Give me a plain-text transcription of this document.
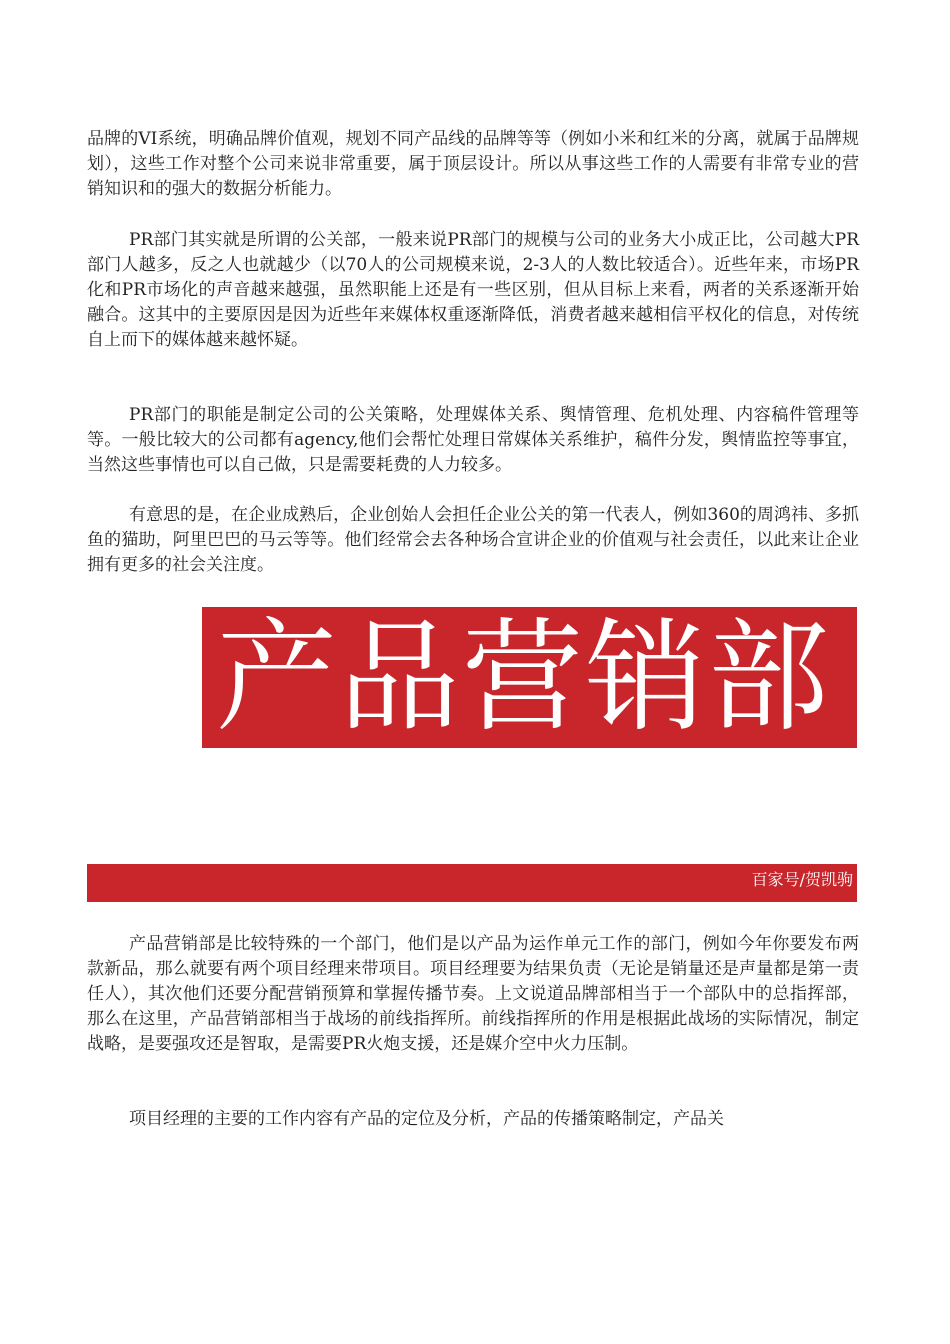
品牌的VI系统，明确品牌价值观，规划不同产品线的品牌等等（例如小米和红米的分离，就属于品牌规划），这些工作对整个公司来说非常重要，属于顶层设计。所以从事这些工作的人需要有非常专业的营销知识和的强大的数据分析能力。

PR部门其实就是所谓的公关部，一般来说PR部门的规模与公司的业务大小成正比，公司越大PR部门人越多，反之人也就越少（以70人的公司规模来说，2-3人的人数比较适合）。近些年来，市场PR化和PR市场化的声音越来越强，虽然职能上还是有一些区别，但从目标上来看，两者的关系逐渐开始融合。这其中的主要原因是因为近些年来媒体权重逐渐降低，消费者越来越相信平权化的信息，对传统自上而下的媒体越来越怀疑。

PR部门的职能是制定公司的公关策略，处理媒体关系、舆情管理、危机处理、内容稿件管理等等。一般比较大的公司都有agency,他们会帮忙处理日常媒体关系维护，稿件分发，舆情监控等事宜，当然这些事情也可以自己做，只是需要耗费的人力较多。

有意思的是，在企业成熟后，企业创始人会担任企业公关的第一代表人，例如360的周鸿祎、多抓鱼的猫助，阿里巴巴的马云等等。他们经常会去各种场合宣讲企业的价值观与社会责任，以此来让企业拥有更多的社会关注度。

产品营销部
百家号/贺凯驹

产品营销部是比较特殊的一个部门，他们是以产品为运作单元工作的部门，例如今年你要发布两款新品，那么就要有两个项目经理来带项目。项目经理要为结果负责（无论是销量还是声量都是第一责任人），其次他们还要分配营销预算和掌握传播节奏。上文说道品牌部相当于一个部队中的总指挥部，那么在这里，产品营销部相当于战场的前线指挥所。前线指挥所的作用是根据此战场的实际情况，制定战略，是要强攻还是智取，是需要PR火炮支援，还是媒介空中火力压制。

项目经理的主要的工作内容有产品的定位及分析，产品的传播策略制定，产品关
